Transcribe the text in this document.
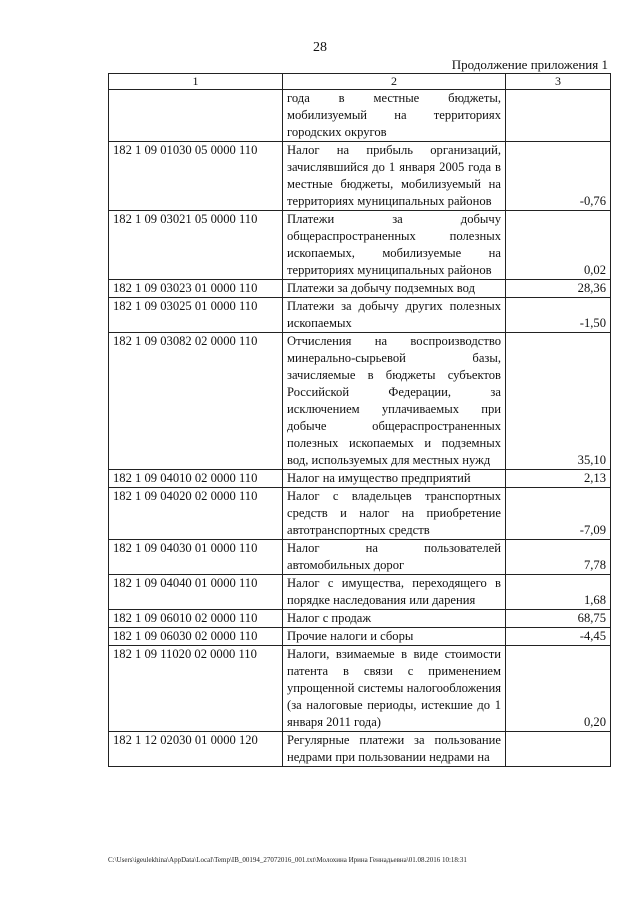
28
Продолжение приложения 1
1	2	3
	года в местные бюджеты, мобилизуемый на территориях городских округов	
182 1 09 01030 05 0000 110	Налог на прибыль организаций, зачислявшийся до 1 января 2005 года в местные бюджеты, мобилизуемый на территориях муниципальных районов	-0,76
182 1 09 03021 05 0000 110	Платежи за добычу общераспространенных полезных ископаемых, мобилизуемые на территориях муниципальных районов	0,02
182 1 09 03023 01 0000 110	Платежи за добычу подземных вод	28,36
182 1 09 03025 01 0000 110	Платежи за добычу других полезных ископаемых	-1,50
182 1 09 03082 02 0000 110	Отчисления на воспроизводство минерально-сырьевой базы, зачисляемые в бюджеты субъектов Российской Федерации, за исключением уплачиваемых при добыче общераспространенных полезных ископаемых и подземных вод, используемых для местных нужд	35,10
182 1 09 04010 02 0000 110	Налог на имущество предприятий	2,13
182 1 09 04020 02 0000 110	Налог с владельцев транспортных средств и налог на приобретение автотранспортных средств	-7,09
182 1 09 04030 01 0000 110	Налог на пользователей автомобильных дорог	7,78
182 1 09 04040 01 0000 110	Налог с имущества, переходящего в порядке наследования или дарения	1,68
182 1 09 06010 02 0000 110	Налог с продаж	68,75
182 1 09 06030 02 0000 110	Прочие налоги и сборы	-4,45
182 1 09 11020 02 0000 110	Налоги, взимаемые в виде стоимости патента в связи с применением упрощенной системы налогообложения (за налоговые периоды, истекшие до 1 января 2011 года)	0,20
182 1 12 02030 01 0000 120	Регулярные платежи за пользование недрами при пользовании недрами на	
C:\Users\igeulekhina\AppData\Local\Temp\IB_00194_27072016_001.txt\Молохина Ирина Геннадьевна\01.08.2016 10:18:31
